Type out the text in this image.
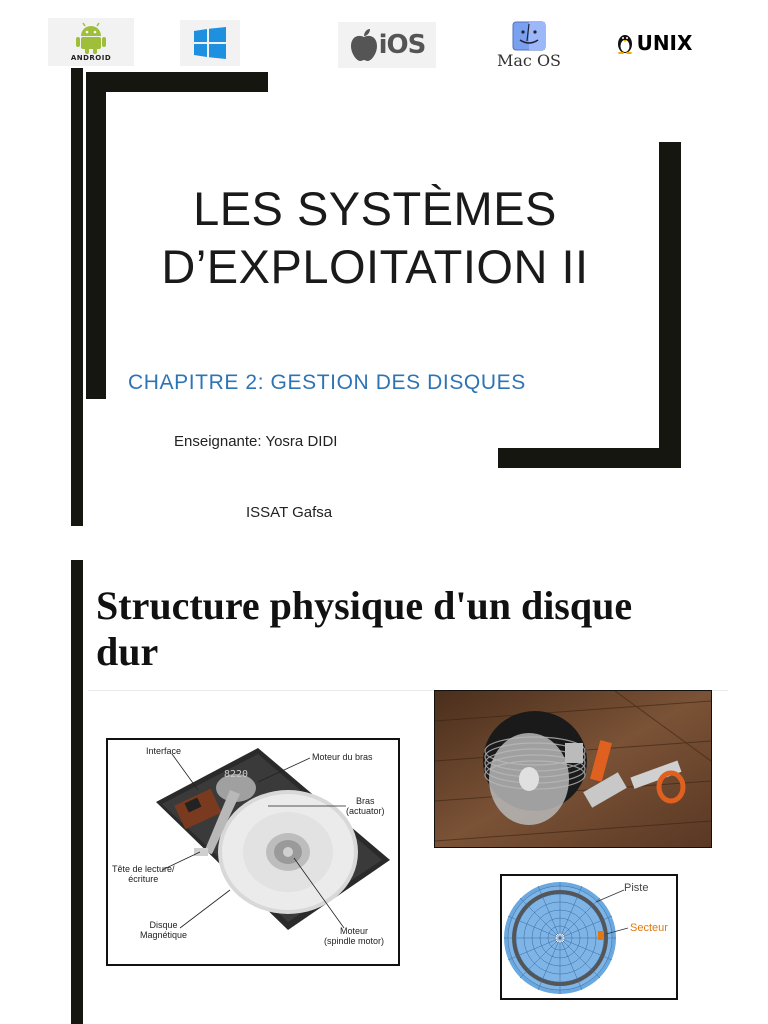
ANDROID	iOS	Mac OS
UNIX
LES SYSTÈMES
D’EXPLOITATION II
CHAPITRE 2: GESTION DES DISQUES
Enseignante: Yosra DIDI
ISSAT Gafsa
Structure physique d'un disque
dur
Interface
Moteur du bras
Bras
(actuator)
Tête de lecture/
écriture
Disque
Magnétique	Moteur
(spindle motor)
8220
Piste
Secteur
